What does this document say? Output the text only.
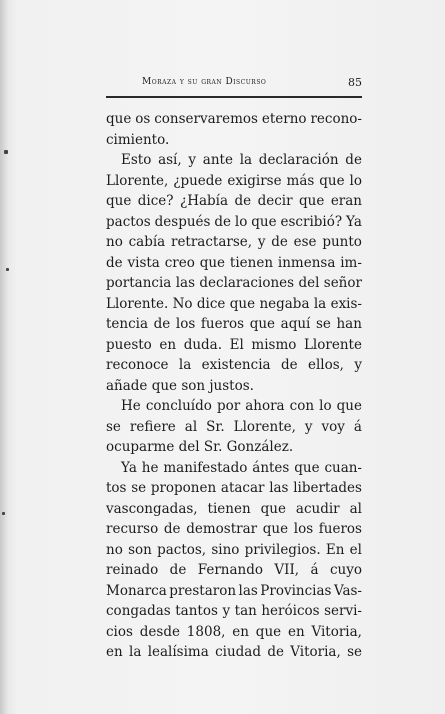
Moraza y su gran Discurso	85
que os conservaremos eterno recono-
cimiento.
Esto así, y ante la declaración de
Llorente, ¿puede exigirse más que lo
que dice? ¿Había de decir que eran
pactos después de lo que escribió? Ya
no cabía retractarse, y de ese punto
de vista creo que tienen inmensa im-
portancia las declaraciones del señor
Llorente. No dice que negaba la exis-
tencia de los fueros que aquí se han
puesto en duda. El mismo Llorente
reconoce la existencia de ellos, y
añade que son justos.
He concluído por ahora con lo que
se refiere al Sr. Llorente, y voy á
ocuparme del Sr. González.
Ya he manifestado ántes que cuan-
tos se proponen atacar las libertades
vascongadas, tienen que acudir al
recurso de demostrar que los fueros
no son pactos, sino privilegios. En el
reinado de Fernando VII, á cuyo
Monarca prestaron las Provincias Vas-
congadas tantos y tan heróicos servi-
cios desde 1808, en que en Vitoria,
en la lealísima ciudad de Vitoria, se
